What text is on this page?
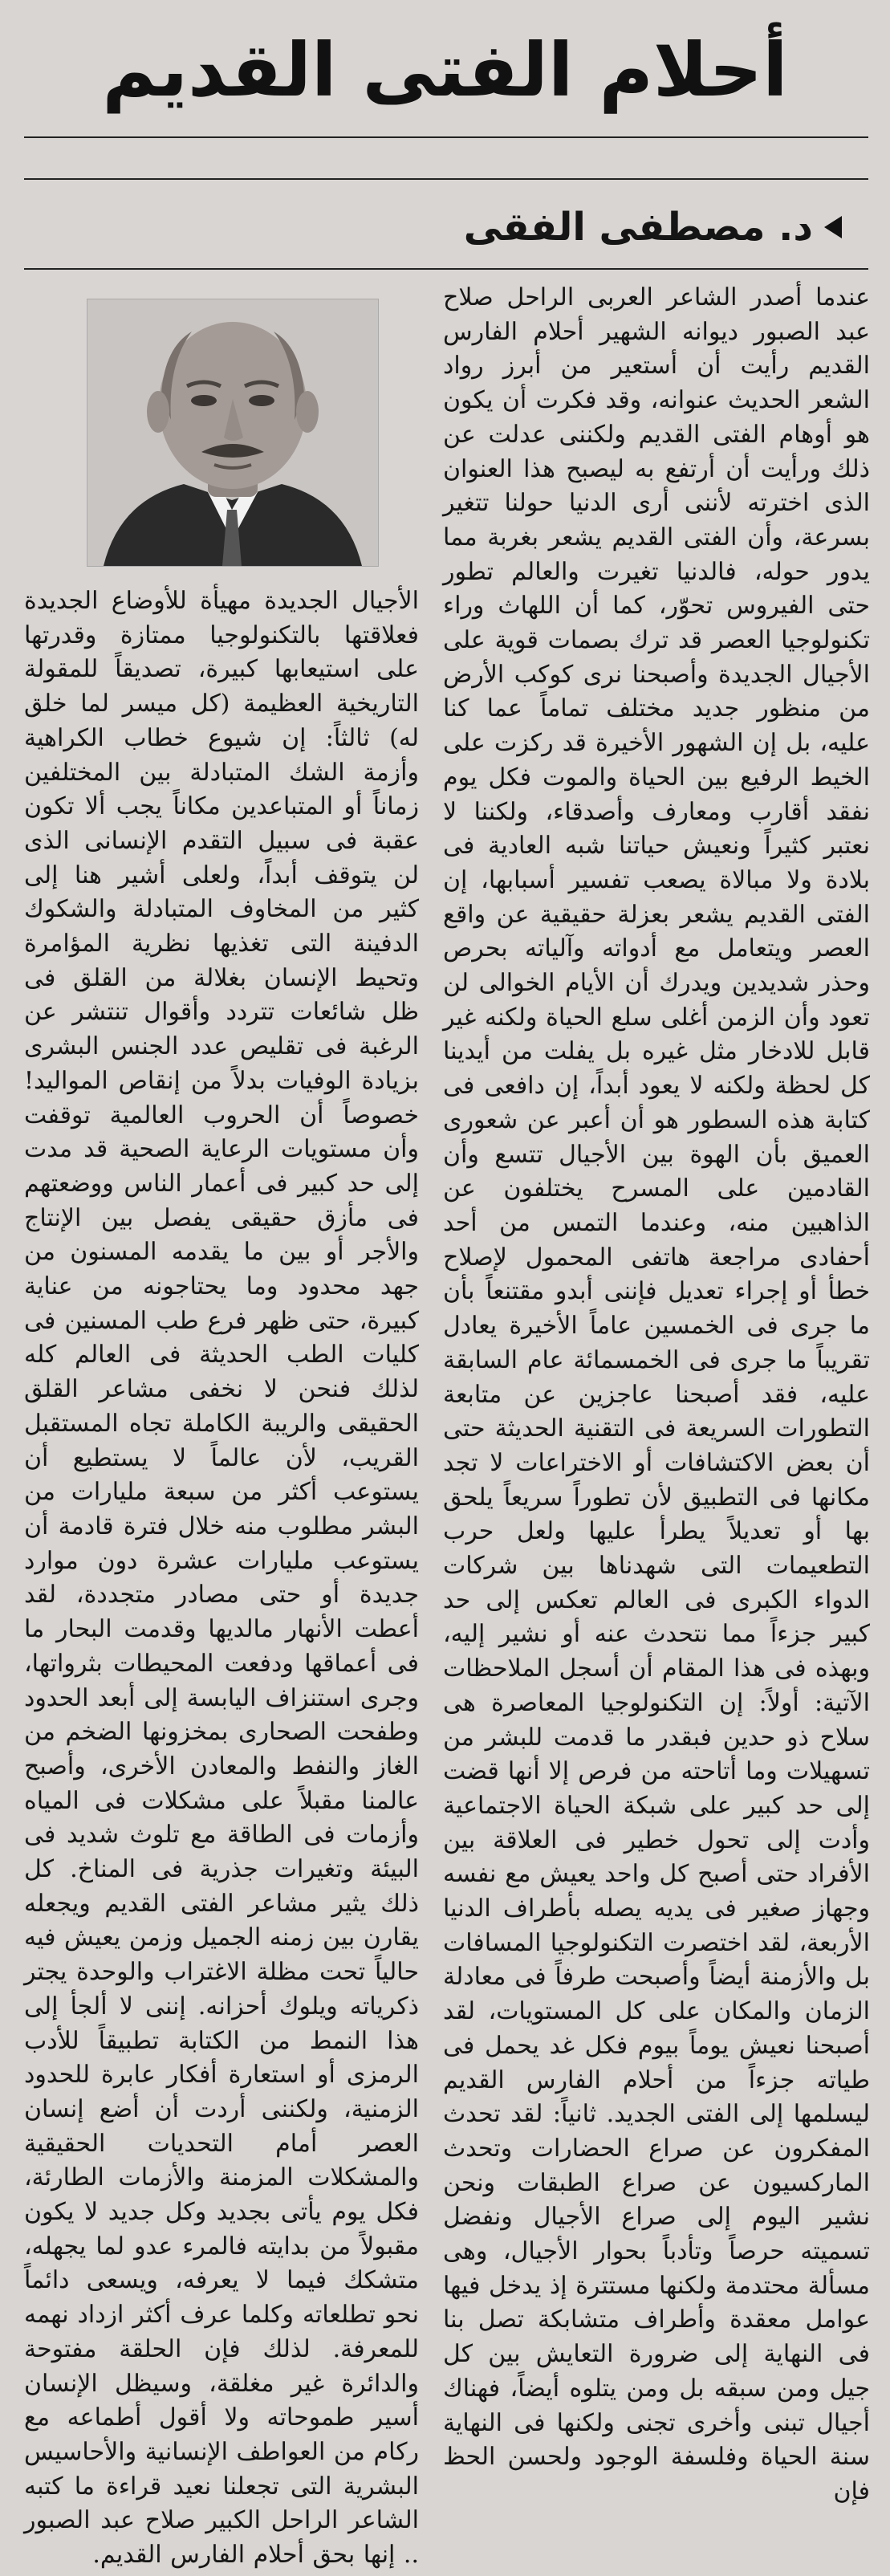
أحلام الفتى القديم
د. مصطفى الفقى

عندما أصدر الشاعر العربى الراحل صلاح عبد الصبور ديوانه الشهير أحلام الفارس القديم رأيت أن أستعير من أبرز رواد الشعر الحديث عنوانه، وقد فكرت أن يكون هو أوهام الفتى القديم ولكننى عدلت عن ذلك ورأيت أن أرتفع به ليصبح هذا العنوان الذى اخترته لأننى أرى الدنيا حولنا تتغير بسرعة، وأن الفتى القديم يشعر بغربة مما يدور حوله، فالدنيا تغيرت والعالم تطور حتى الفيروس تحوّر، كما أن اللهاث وراء تكنولوجيا العصر قد ترك بصمات قوية على الأجيال الجديدة وأصبحنا نرى كوكب الأرض من منظور جديد مختلف تماماً عما كنا عليه، بل إن الشهور الأخيرة قد ركزت على الخيط الرفيع بين الحياة والموت فكل يوم نفقد أقارب ومعارف وأصدقاء، ولكننا لا نعتبر كثيراً ونعيش حياتنا شبه العادية فى بلادة ولا مبالاة يصعب تفسير أسبابها، إن الفتى القديم يشعر بعزلة حقيقية عن واقع العصر ويتعامل مع أدواته وآلياته بحرص وحذر شديدين ويدرك أن الأيام الخوالى لن تعود وأن الزمن أغلى سلع الحياة ولكنه غير قابل للادخار مثل غيره بل يفلت من أيدينا كل لحظة ولكنه لا يعود أبداً، إن دافعى فى كتابة هذه السطور هو أن أعبر عن شعورى العميق بأن الهوة بين الأجيال تتسع وأن القادمين على المسرح يختلفون عن الذاهبين منه، وعندما التمس من أحد أحفادى مراجعة هاتفى المحمول لإصلاح خطأ أو إجراء تعديل فإننى أبدو مقتنعاً بأن ما جرى فى الخمسين عاماً الأخيرة يعادل تقريباً ما جرى فى الخمسمائة عام السابقة عليه، فقد أصبحنا عاجزين عن متابعة التطورات السريعة فى التقنية الحديثة حتى أن بعض الاكتشافات أو الاختراعات لا تجد مكانها فى التطبيق لأن تطوراً سريعاً يلحق بها أو تعديلاً يطرأ عليها ولعل حرب التطعيمات التى شهدناها بين شركات الدواء الكبرى فى العالم تعكس إلى حد كبير جزءاً مما نتحدث عنه أو نشير إليه، وبهذه فى هذا المقام أن أسجل الملاحظات الآتية: أولاً: إن التكنولوجيا المعاصرة هى سلاح ذو حدين فبقدر ما قدمت للبشر من تسهيلات وما أتاحته من فرص إلا أنها قضت إلى حد كبير على شبكة الحياة الاجتماعية وأدت إلى تحول خطير فى العلاقة بين الأفراد حتى أصبح كل واحد يعيش مع نفسه وجهاز صغير فى يديه يصله بأطراف الدنيا الأربعة، لقد اختصرت التكنولوجيا المسافات بل والأزمنة أيضاً وأصبحت طرفاً فى معادلة الزمان والمكان على كل المستويات، لقد أصبحنا نعيش يوماً بيوم فكل غد يحمل فى طياته جزءاً من أحلام الفارس القديم ليسلمها إلى الفتى الجديد. ثانياً: لقد تحدث المفكرون عن صراع الحضارات وتحدث الماركسيون عن صراع الطبقات ونحن نشير اليوم إلى صراع الأجيال ونفضل تسميته حرصاً وتأدباً بحوار الأجيال، وهى مسألة محتدمة ولكنها مستترة إذ يدخل فيها عوامل معقدة وأطراف متشابكة تصل بنا فى النهاية إلى ضرورة التعايش بين كل جيل ومن سبقه بل ومن يتلوه أيضاً، فهناك أجيال تبنى وأخرى تجنى ولكنها فى النهاية سنة الحياة وفلسفة الوجود ولحسن الحظ فإن

الأجيال الجديدة مهيأة للأوضاع الجديدة فعلاقتها بالتكنولوجيا ممتازة وقدرتها على استيعابها كبيرة، تصديقاً للمقولة التاريخية العظيمة (كل ميسر لما خلق له) ثالثاً: إن شيوع خطاب الكراهية وأزمة الشك المتبادلة بين المختلفين زماناً أو المتباعدين مكاناً يجب ألا تكون عقبة فى سبيل التقدم الإنسانى الذى لن يتوقف أبداً، ولعلى أشير هنا إلى كثير من المخاوف المتبادلة والشكوك الدفينة التى تغذيها نظرية المؤامرة وتحيط الإنسان بغلالة من القلق فى ظل شائعات تتردد وأقوال تنتشر عن الرغبة فى تقليص عدد الجنس البشرى بزيادة الوفيات بدلاً من إنقاص المواليد! خصوصاً أن الحروب العالمية توقفت وأن مستويات الرعاية الصحية قد مدت إلى حد كبير فى أعمار الناس ووضعتهم فى مأزق حقيقى يفصل بين الإنتاج والأجر أو بين ما يقدمه المسنون من جهد محدود وما يحتاجونه من عناية كبيرة، حتى ظهر فرع طب المسنين فى كليات الطب الحديثة فى العالم كله لذلك فنحن لا نخفى مشاعر القلق الحقيقى والريبة الكاملة تجاه المستقبل القريب، لأن عالماً لا يستطيع أن يستوعب أكثر من سبعة مليارات من البشر مطلوب منه خلال فترة قادمة أن يستوعب مليارات عشرة دون موارد جديدة أو حتى مصادر متجددة، لقد أعطت الأنهار مالديها وقدمت البحار ما فى أعماقها ودفعت المحيطات بثرواتها، وجرى استنزاف اليابسة إلى أبعد الحدود وطفحت الصحارى بمخزونها الضخم من الغاز والنفط والمعادن الأخرى، وأصبح عالمنا مقبلاً على مشكلات فى المياه وأزمات فى الطاقة مع تلوث شديد فى البيئة وتغيرات جذرية فى المناخ. كل ذلك يثير مشاعر الفتى القديم ويجعله يقارن بين زمنه الجميل وزمن يعيش فيه حالياً تحت مظلة الاغتراب والوحدة يجتر ذكرياته ويلوك أحزانه. إننى لا ألجأ إلى هذا النمط من الكتابة تطبيقاً للأدب الرمزى أو استعارة أفكار عابرة للحدود الزمنية، ولكننى أردت أن أضع إنسان العصر أمام التحديات الحقيقية والمشكلات المزمنة والأزمات الطارئة، فكل يوم يأتى بجديد وكل جديد لا يكون مقبولاً من بدايته فالمرء عدو لما يجهله، متشكك فيما لا يعرفه، ويسعى دائماً نحو تطلعاته وكلما عرف أكثر ازداد نهمه للمعرفة. لذلك فإن الحلقة مفتوحة والدائرة غير مغلقة، وسيظل الإنسان أسير طموحاته ولا أقول أطماعه مع ركام من العواطف الإنسانية والأحاسيس البشرية التى تجعلنا نعيد قراءة ما كتبه الشاعر الراحل الكبير صلاح عبد الصبور .. إنها بحق أحلام الفارس القديم.
